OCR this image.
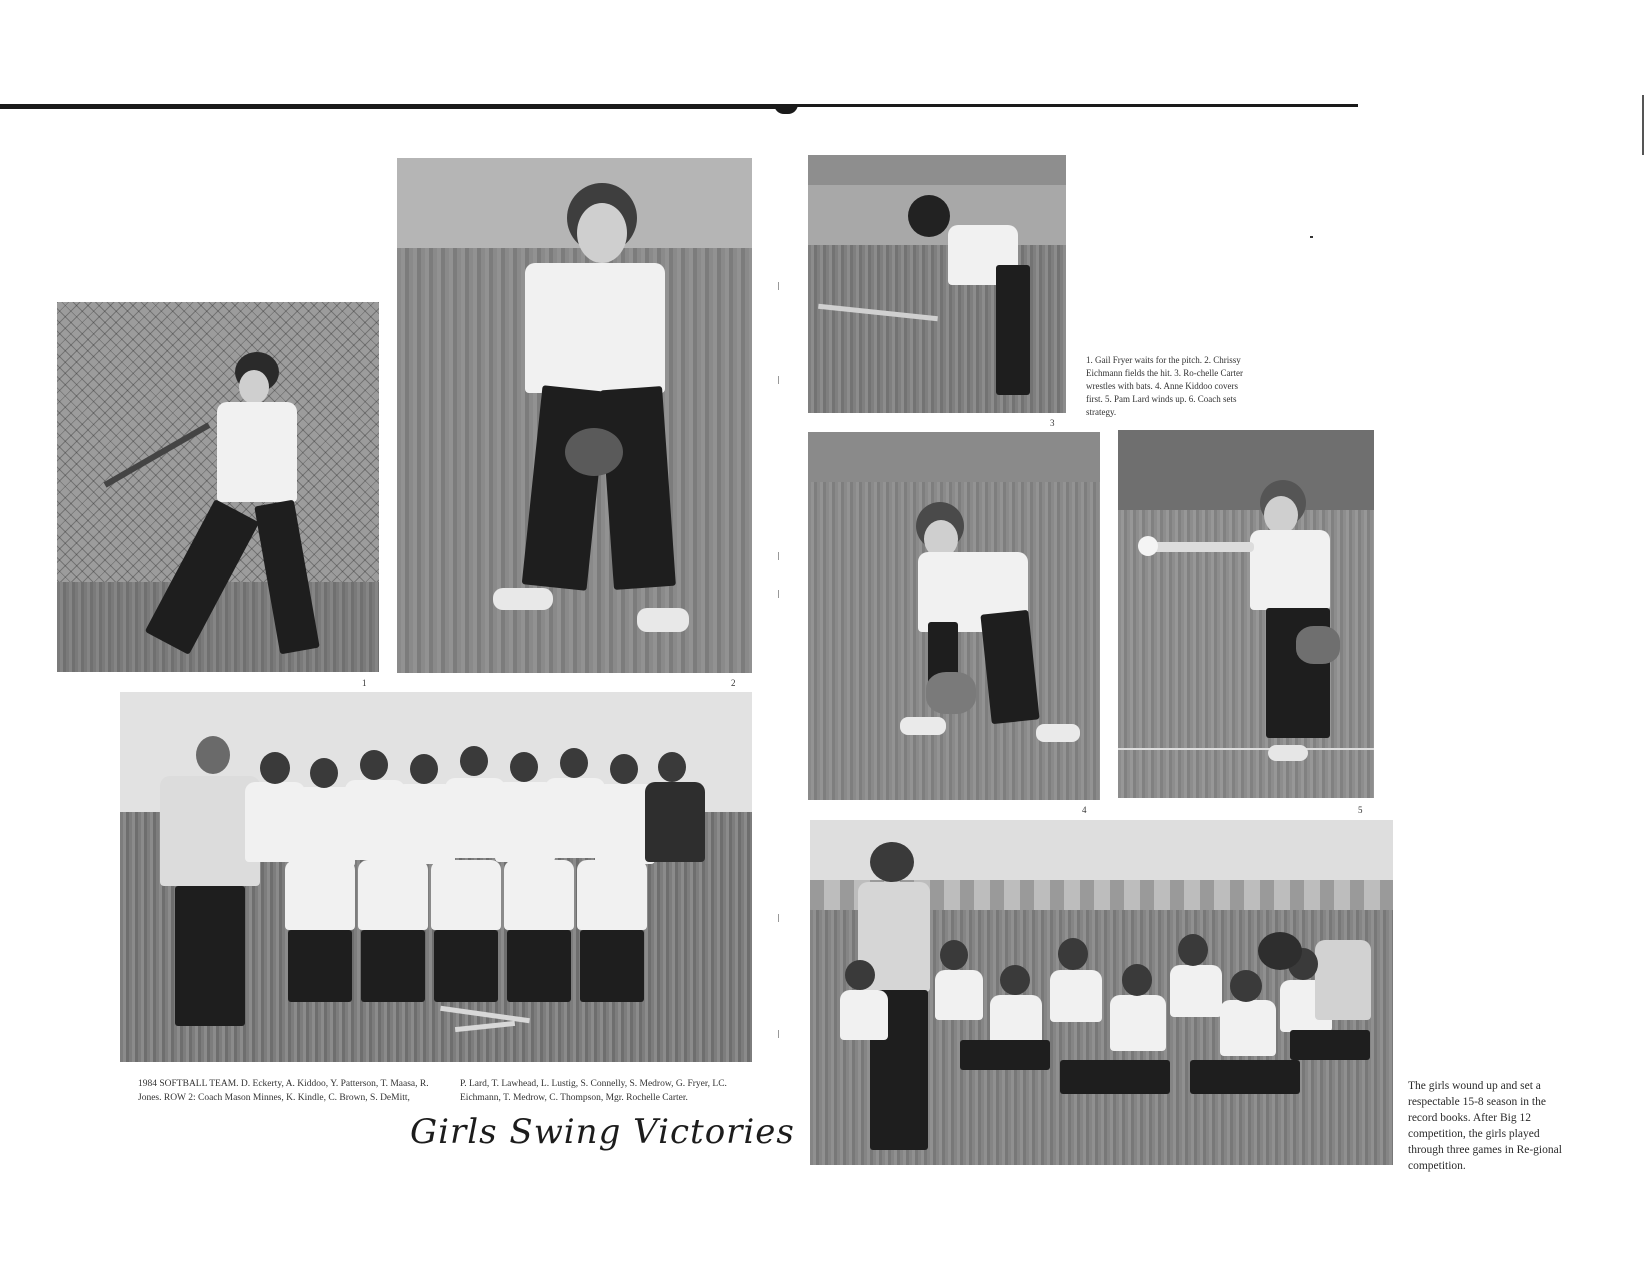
1	2
1984 SOFTBALL TEAM. D. Eckerty, A. Kiddoo, Y. Patterson, T. Maasa, R. Jones. ROW 2: Coach Mason Minnes, K. Kindle, C. Brown, S. DeMitt,
P. Lard, T. Lawhead, L. Lustig, S. Connelly, S. Medrow, G. Fryer, LC. Eichmann, T. Medrow, C. Thompson, Mgr. Rochelle Carter.
Girls Swing Victories
3
1. Gail Fryer waits for the pitch. 2. Chrissy Eichmann fields the hit. 3. Ro-chelle Carter wrestles with bats. 4. Anne Kiddoo covers first. 5. Pam Lard winds up. 6. Coach sets strategy.
4	5
The girls wound up and set a respectable 15-8 season in the record books. After Big 12 competition, the girls played through three games in Re-gional competition.
